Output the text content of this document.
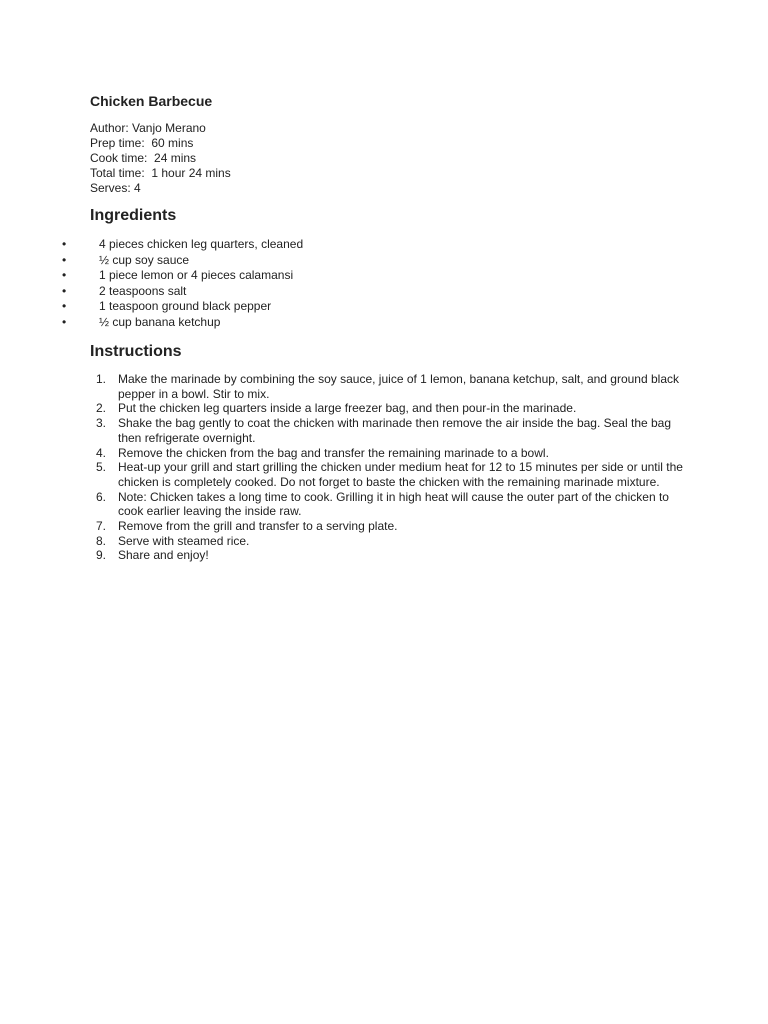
Chicken Barbecue
Author: Vanjo Merano
Prep time:  60 mins
Cook time:  24 mins
Total time:  1 hour 24 mins
Serves: 4
Ingredients
• 4 pieces chicken leg quarters, cleaned
• ½ cup soy sauce
• 1 piece lemon or 4 pieces calamansi
• 2 teaspoons salt
• 1 teaspoon ground black pepper
• ½ cup banana ketchup
Instructions
1. Make the marinade by combining the soy sauce, juice of 1 lemon, banana ketchup, salt, and ground black pepper in a bowl. Stir to mix.
2. Put the chicken leg quarters inside a large freezer bag, and then pour-in the marinade.
3. Shake the bag gently to coat the chicken with marinade then remove the air inside the bag. Seal the bag then refrigerate overnight.
4. Remove the chicken from the bag and transfer the remaining marinade to a bowl.
5. Heat-up your grill and start grilling the chicken under medium heat for 12 to 15 minutes per side or until the chicken is completely cooked. Do not forget to baste the chicken with the remaining marinade mixture.
6. Note: Chicken takes a long time to cook. Grilling it in high heat will cause the outer part of the chicken to cook earlier leaving the inside raw.
7. Remove from the grill and transfer to a serving plate.
8. Serve with steamed rice.
9. Share and enjoy!
